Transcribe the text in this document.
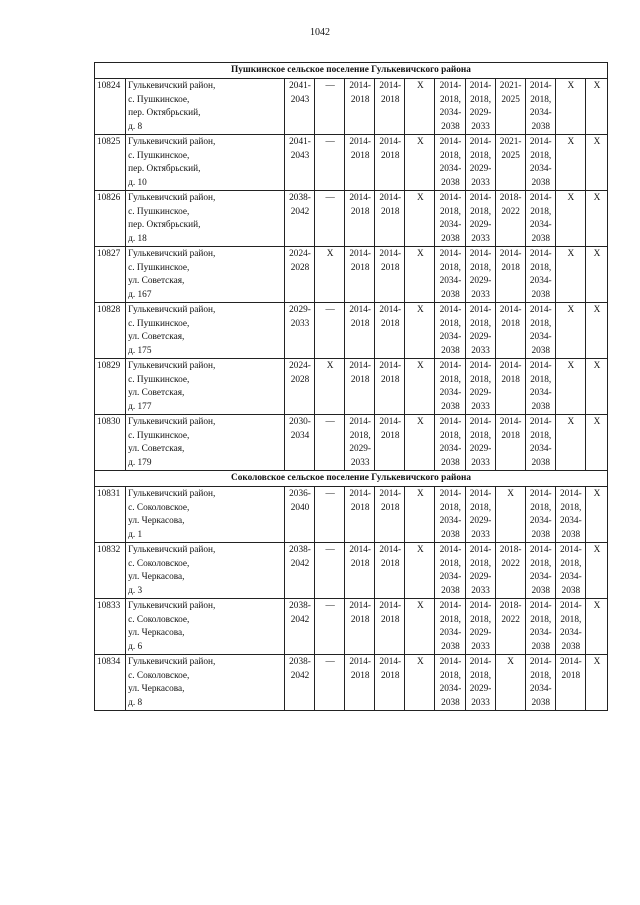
1042
Пушкинское сельское поселение Гулькевичского района												
10824	Гулькевичский район,
с. Пушкинское,
пер. Октябрьский,
д. 8	2041-
2043	—	2014-
2018	2014-
2018	X	2014-
2018,
2034-
2038	2014-
2018,
2029-
2033	2021-
2025	2014-
2018,
2034-
2038	X	X

10825	Гулькевичский район,
с. Пушкинское,
пер. Октябрьский,
д. 10	2041-
2043	—	2014-
2018	2014-
2018	X	2014-
2018,
2034-
2038	2014-
2018,
2029-
2033	2021-
2025	2014-
2018,
2034-
2038	X	X

10826	Гулькевичский район,
с. Пушкинское,
пер. Октябрьский,
д. 18	2038-
2042	—	2014-
2018	2014-
2018	X	2014-
2018,
2034-
2038	2014-
2018,
2029-
2033	2018-
2022	2014-
2018,
2034-
2038	X	X

10827	Гулькевичский район,
с. Пушкинское,
ул. Советская,
д. 167	2024-
2028	X	2014-
2018	2014-
2018	X	2014-
2018,
2034-
2038	2014-
2018,
2029-
2033	2014-
2018	2014-
2018,
2034-
2038	X	X

10828	Гулькевичский район,
с. Пушкинское,
ул. Советская,
д. 175	2029-
2033	—	2014-
2018	2014-
2018	X	2014-
2018,
2034-
2038	2014-
2018,
2029-
2033	2014-
2018	2014-
2018,
2034-
2038	X	X

10829	Гулькевичский район,
с. Пушкинское,
ул. Советская,
д. 177	2024-
2028	X	2014-
2018	2014-
2018	X	2014-
2018,
2034-
2038	2014-
2018,
2029-
2033	2014-
2018	2014-
2018,
2034-
2038	X	X

10830	Гулькевичский район,
с. Пушкинское,
ул. Советская,
д. 179	2030-
2034	—	2014-
2018,
2029-
2033	2014-
2018	X	2014-
2018,
2034-
2038	2014-
2018,
2029-
2033	2014-
2018	2014-
2018,
2034-
2038	X	X

Соколовское сельское поселение Гулькевичского района												
10831	Гулькевичский район,
с. Соколовское,
ул. Черкасова,
д. 1	2036-
2040	—	2014-
2018	2014-
2018	X	2014-
2018,
2034-
2038	2014-
2018,
2029-
2033	X	2014-
2018,
2034-
2038	2014-
2018,
2034-
2038	X

10832	Гулькевичский район,
с. Соколовское,
ул. Черкасова,
д. 3	2038-
2042	—	2014-
2018	2014-
2018	X	2014-
2018,
2034-
2038	2014-
2018,
2029-
2033	2018-
2022	2014-
2018,
2034-
2038	2014-
2018,
2034-
2038	X

10833	Гулькевичский район,
с. Соколовское,
ул. Черкасова,
д. 6	2038-
2042	—	2014-
2018	2014-
2018	X	2014-
2018,
2034-
2038	2014-
2018,
2029-
2033	2018-
2022	2014-
2018,
2034-
2038	2014-
2018,
2034-
2038	X

10834	Гулькевичский район,
с. Соколовское,
ул. Черкасова,
д. 8	2038-
2042	—	2014-
2018	2014-
2018	X	2014-
2018,
2034-
2038	2014-
2018,
2029-
2033	X	2014-
2018,
2034-
2038	2014-
2018	X
